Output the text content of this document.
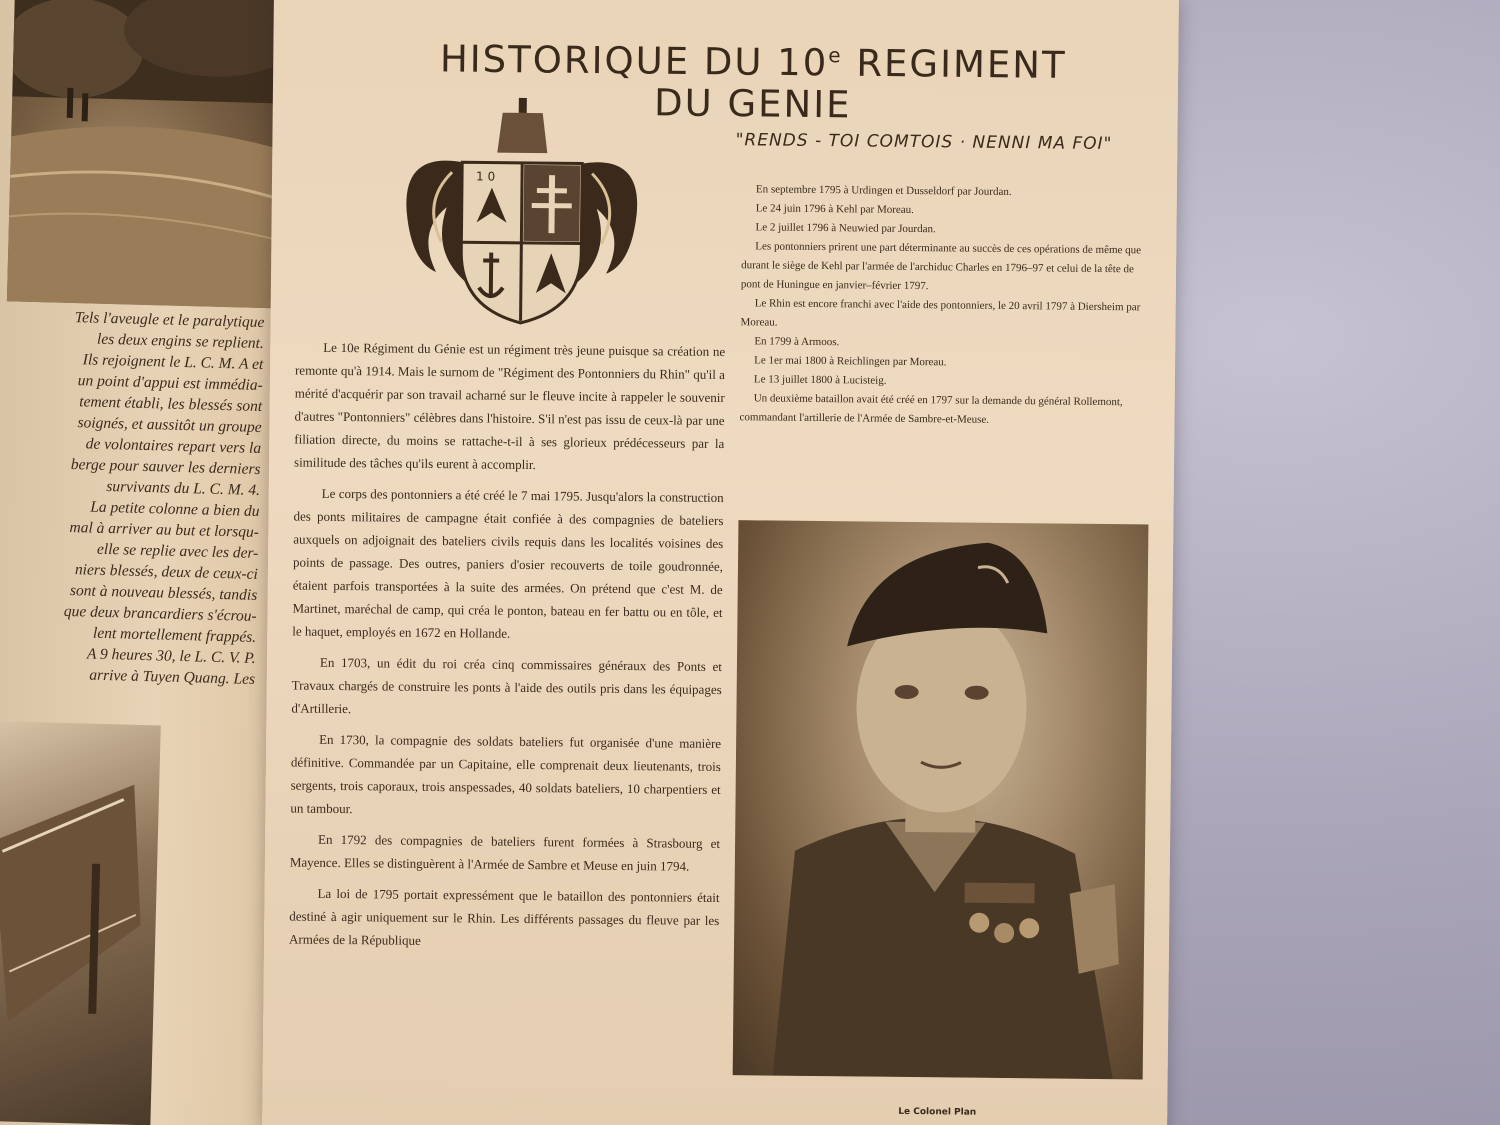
Tels l'aveugle et le paralytique

les deux engins se replient.

Ils rejoignent le L. C. M. A et

un point d'appui est immédia-

tement établi, les blessés sont

soignés, et aussitôt un groupe

de volontaires repart vers la

berge pour sauver les derniers

survivants du L. C. M. 4.

La petite colonne a bien du

mal à arriver au but et lorsqu-

elle se replie avec les der-

niers blessés, deux de ceux-ci

sont à nouveau blessés, tandis

que deux brancardiers s'écrou-

lent mortellement frappés.

A 9 heures 30, le L. C. V. P.

arrive à Tuyen Quang. Les

HISTORIQUE DU 10e REGIMENT
DU GENIE
"RENDS - TOI COMTOIS · NENNI MA FOI"
1 0

Le 10e Régiment du Génie est un régiment très jeune puisque sa création ne remonte qu'à 1914. Mais le surnom de "Régiment des Pontonniers du Rhin" qu'il a mérité d'acquérir par son travail acharné sur le fleuve incite à rappeler le souvenir d'autres "Pontonniers" célèbres dans l'histoire. S'il n'est pas issu de ceux-là par une filiation directe, du moins se rattache-t-il à ses glorieux prédécesseurs par la similitude des tâches qu'ils eurent à accomplir.

Le corps des pontonniers a été créé le 7 mai 1795. Jusqu'alors la construction des ponts militaires de campagne était confiée à des compagnies de bateliers auxquels on adjoignait des bateliers civils requis dans les localités voisines des points de passage. Des outres, paniers d'osier recouverts de toile goudronnée, étaient parfois transportées à la suite des armées. On prétend que c'est M. de Martinet, maréchal de camp, qui créa le ponton, bateau en fer battu ou en tôle, et le haquet, employés en 1672 en Hollande.

En 1703, un édit du roi créa cinq commissaires généraux des Ponts et Travaux chargés de construire les ponts à l'aide des outils pris dans les équipages d'Artillerie.

En 1730, la compagnie des soldats bateliers fut organisée d'une manière définitive. Commandée par un Capitaine, elle comprenait deux lieutenants, trois sergents, trois caporaux, trois anspessades, 40 soldats bateliers, 10 charpentiers et un tambour.

En 1792 des compagnies de bateliers furent formées à Strasbourg et Mayence. Elles se distinguèrent à l'Armée de Sambre et Meuse en juin 1794.

La loi de 1795 portait expressément que le bataillon des pontonniers était destiné à agir uniquement sur le Rhin. Les différents passages du fleuve par les Armées de la République

En septembre 1795 à Urdingen et Dusseldorf par Jourdan.

Le 24 juin 1796 à Kehl par Moreau.

Le 2 juillet 1796 à Neuwied par Jourdan.

Les pontonniers prirent une part déterminante au succès de ces opérations de même que durant le siège de Kehl par l'armée de l'archiduc Charles en 1796–97 et celui de la tête de pont de Huningue en janvier–février 1797.

Le Rhin est encore franchi avec l'aide des pontonniers, le 20 avril 1797 à Diersheim par Moreau.

En 1799 à Armoos.

Le 1er mai 1800 à Reichlingen par Moreau.

Le 13 juillet 1800 à Lucisteig.

Un deuxième bataillon avait été créé en 1797 sur la demande du général Rollemont, commandant l'artillerie de l'Armée de Sambre-et-Meuse.

Le Colonel Plan
